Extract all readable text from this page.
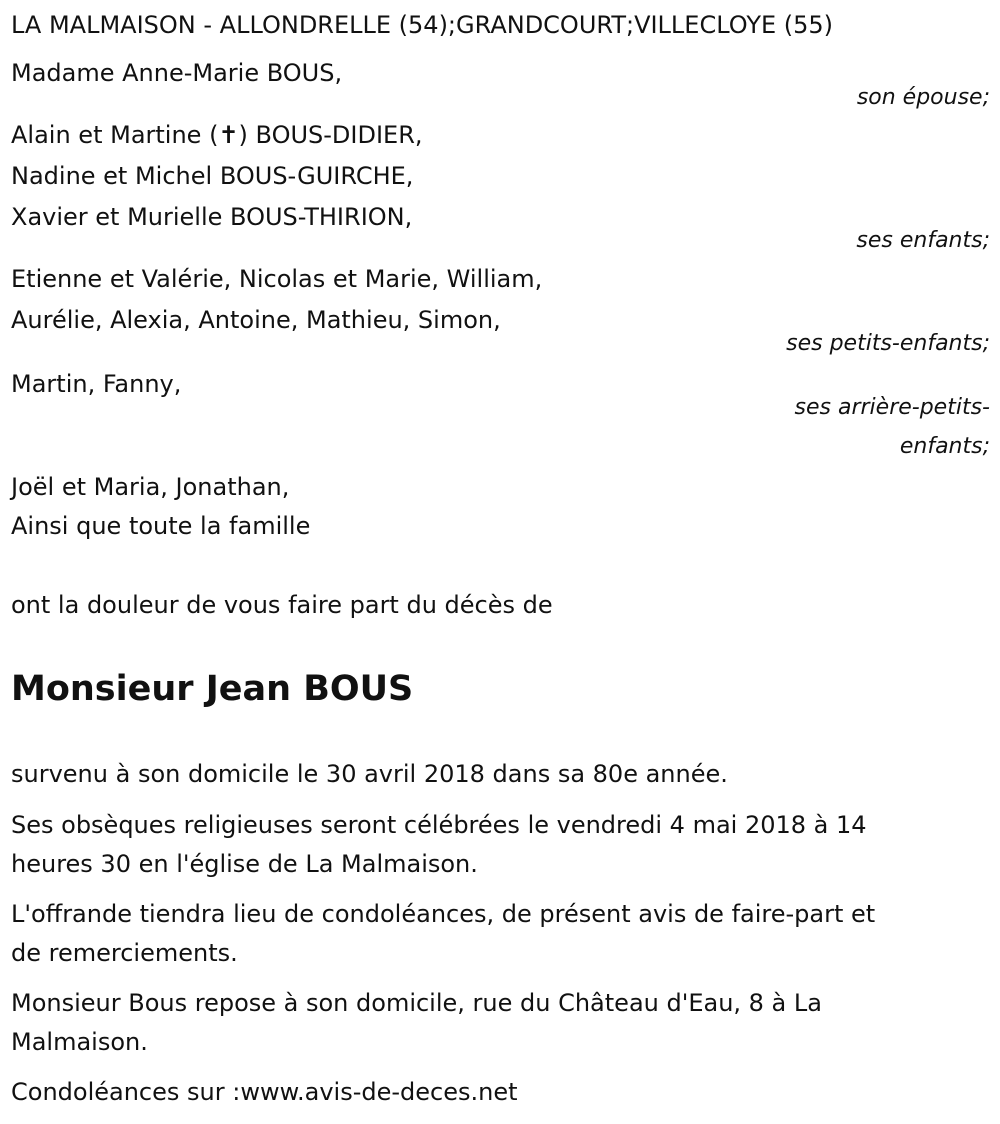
LA MALMAISON - ALLONDRELLE (54);GRANDCOURT;VILLECLOYE (55)
Madame Anne-Marie BOUS,
son épouse;
Alain et Martine (✝) BOUS-DIDIER,
Nadine et Michel BOUS-GUIRCHE,
Xavier et Murielle BOUS-THIRION,
ses enfants;
Etienne et Valérie, Nicolas et Marie, William,
Aurélie, Alexia, Antoine, Mathieu, Simon,
ses petits-enfants;
Martin, Fanny,
ses arrière-petits-
enfants;
Joël et Maria, Jonathan,
Ainsi que toute la famille
ont la douleur de vous faire part du décès de
Monsieur Jean BOUS
survenu à son domicile le 30 avril 2018 dans sa 80e année.
Ses obsèques religieuses seront célébrées le vendredi 4 mai 2018 à 14
heures 30 en l'église de La Malmaison.
L'offrande tiendra lieu de condoléances, de présent avis de faire-part et
de remerciements.
Monsieur Bous repose à son domicile, rue du Château d'Eau, 8 à La
Malmaison.
Condoléances sur :www.avis-de-deces.net
